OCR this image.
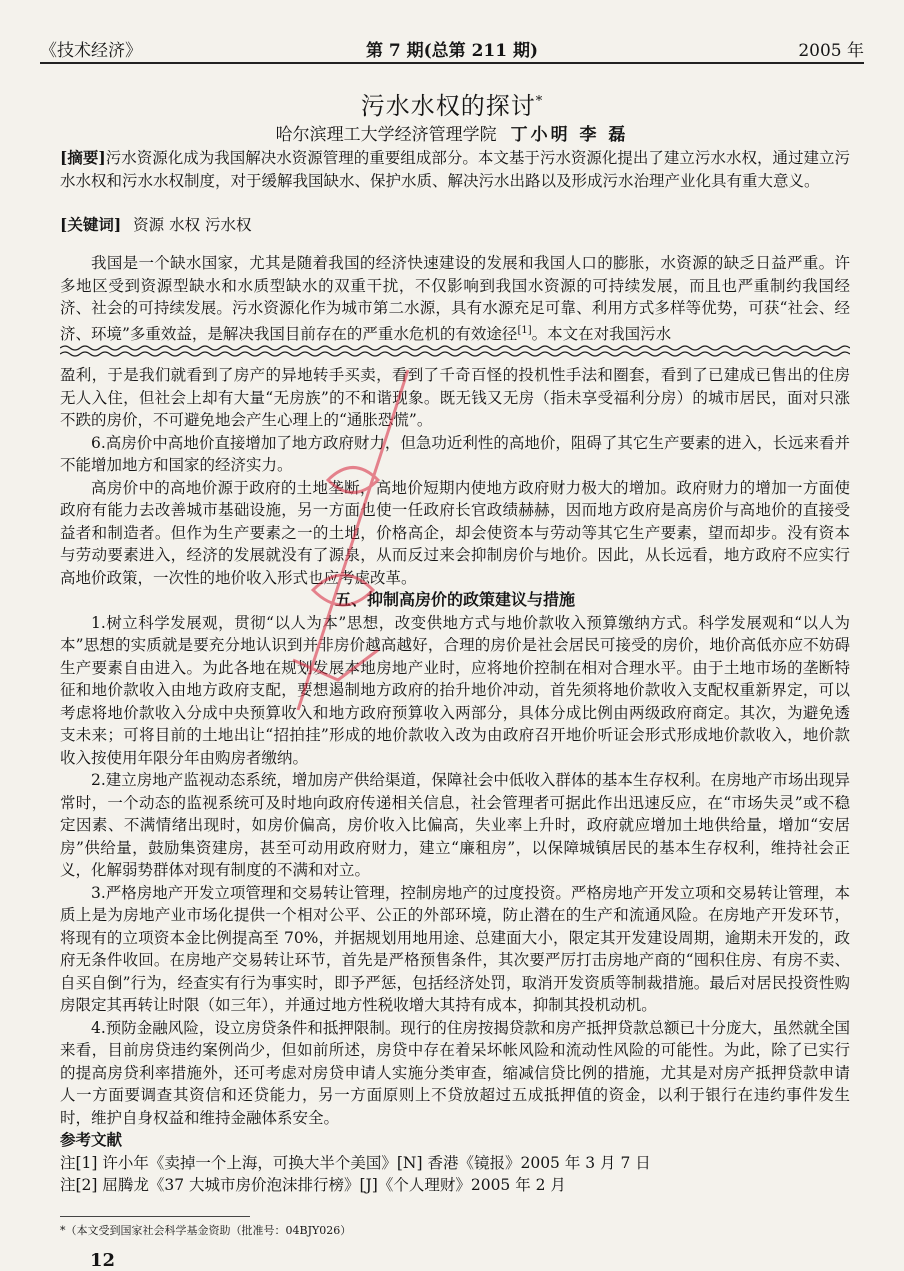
《技术经济》	第 7 期(总第 211 期)	2005 年
污水水权的探讨*
哈尔滨理工大学经济管理学院 丁小明 李 磊
[摘要]污水资源化成为我国解决水资源管理的重要组成部分。本文基于污水资源化提出了建立污水水权，通过建立污水水权和污水水权制度，对于缓解我国缺水、保护水质、解决污水出路以及形成污水治理产业化具有重大意义。
[关键词] 资源 水权 污水权
我国是一个缺水国家，尤其是随着我国的经济快速建设的发展和我国人口的膨胀，水资源的缺乏日益严重。许多地区受到资源型缺水和水质型缺水的双重干扰，不仅影响到我国水资源的可持续发展，而且也严重制约我国经济、社会的可持续发展。污水资源化作为城市第二水源，具有水源充足可靠、利用方式多样等优势，可获“社会、经济、环境”多重效益，是解决我国目前存在的严重水危机的有效途径[1]。本文在对我国污水

盈利，于是我们就看到了房产的异地转手买卖，看到了千奇百怪的投机性手法和圈套，看到了已建成已售出的住房无人入住，但社会上却有大量“无房族”的不和谐现象。既无钱又无房（指未享受福利分房）的城市居民，面对只涨不跌的房价，不可避免地会产生心理上的“通胀恐慌”。

6.高房价中高地价直接增加了地方政府财力，但急功近利性的高地价，阻碍了其它生产要素的进入，长远来看并不能增加地方和国家的经济实力。

高房价中的高地价源于政府的土地垄断，高地价短期内使地方政府财力极大的增加。政府财力的增加一方面使政府有能力去改善城市基础设施，另一方面也使一任政府长官政绩赫赫，因而地方政府是高房价与高地价的直接受益者和制造者。但作为生产要素之一的土地，价格高企，却会使资本与劳动等其它生产要素，望而却步。没有资本与劳动要素进入，经济的发展就没有了源泉，从而反过来会抑制房价与地价。因此，从长远看，地方政府不应实行高地价政策，一次性的地价收入形式也应考虑改革。

五、抑制高房价的政策建议与措施

1.树立科学发展观，贯彻“以人为本”思想，改变供地方式与地价款收入预算缴纳方式。科学发展观和“以人为本”思想的实质就是要充分地认识到并非房价越高越好，合理的房价是社会居民可接受的房价，地价高低亦应不妨碍生产要素自由进入。为此各地在规划发展本地房地产业时，应将地价控制在相对合理水平。由于土地市场的垄断特征和地价款收入由地方政府支配，要想遏制地方政府的抬升地价冲动，首先须将地价款收入支配权重新界定，可以考虑将地价款收入分成中央预算收入和地方政府预算收入两部分，具体分成比例由两级政府商定。其次，为避免透支未来；可将目前的土地出让“招拍挂”形成的地价款收入改为由政府召开地价听证会形式形成地价款收入，地价款收入按使用年限分年由购房者缴纳。

2.建立房地产监视动态系统，增加房产供给渠道，保障社会中低收入群体的基本生存权利。在房地产市场出现异常时，一个动态的监视系统可及时地向政府传递相关信息，社会管理者可据此作出迅速反应，在“市场失灵”或不稳定因素、不满情绪出现时，如房价偏高，房价收入比偏高，失业率上升时，政府就应增加土地供给量，增加“安居房”供给量，鼓励集资建房，甚至可动用政府财力，建立“廉租房”，以保障城镇居民的基本生存权利，维持社会正义，化解弱势群体对现有制度的不满和对立。

3.严格房地产开发立项管理和交易转让管理，控制房地产的过度投资。严格房地产开发立项和交易转让管理，本质上是为房地产业市场化提供一个相对公平、公正的外部环境，防止潜在的生产和流通风险。在房地产开发环节，将现有的立项资本金比例提高至 70%，并据规划用地用途、总建面大小，限定其开发建设周期，逾期未开发的，政府无条件收回。在房地产交易转让环节，首先是严格预售条件，其次要严厉打击房地产商的“囤积住房、有房不卖、自买自倒”行为，经查实有行为事实时，即予严惩，包括经济处罚，取消开发资质等制裁措施。最后对居民投资性购房限定其再转让时限（如三年），并通过地方性税收增大其持有成本，抑制其投机动机。

4.预防金融风险，设立房贷条件和抵押限制。现行的住房按揭贷款和房产抵押贷款总额已十分庞大，虽然就全国来看，目前房贷违约案例尚少，但如前所述，房贷中存在着呆坏帐风险和流动性风险的可能性。为此，除了已实行的提高房贷利率措施外，还可考虑对房贷申请人实施分类审查，缩减信贷比例的措施，尤其是对房产抵押贷款申请人一方面要调查其资信和还贷能力，另一方面原则上不贷放超过五成抵押值的资金，以利于银行在违约事件发生时，维护自身权益和维持金融体系安全。

参考文献

注[1] 许小年《卖掉一个上海，可换大半个美国》[N] 香港《镜报》2005 年 3 月 7 日

注[2] 屈腾龙《37 大城市房价泡沫排行榜》[J]《个人理财》2005 年 2 月

*（本文受到国家社会科学基金资助（批准号：04BJY026）
12
